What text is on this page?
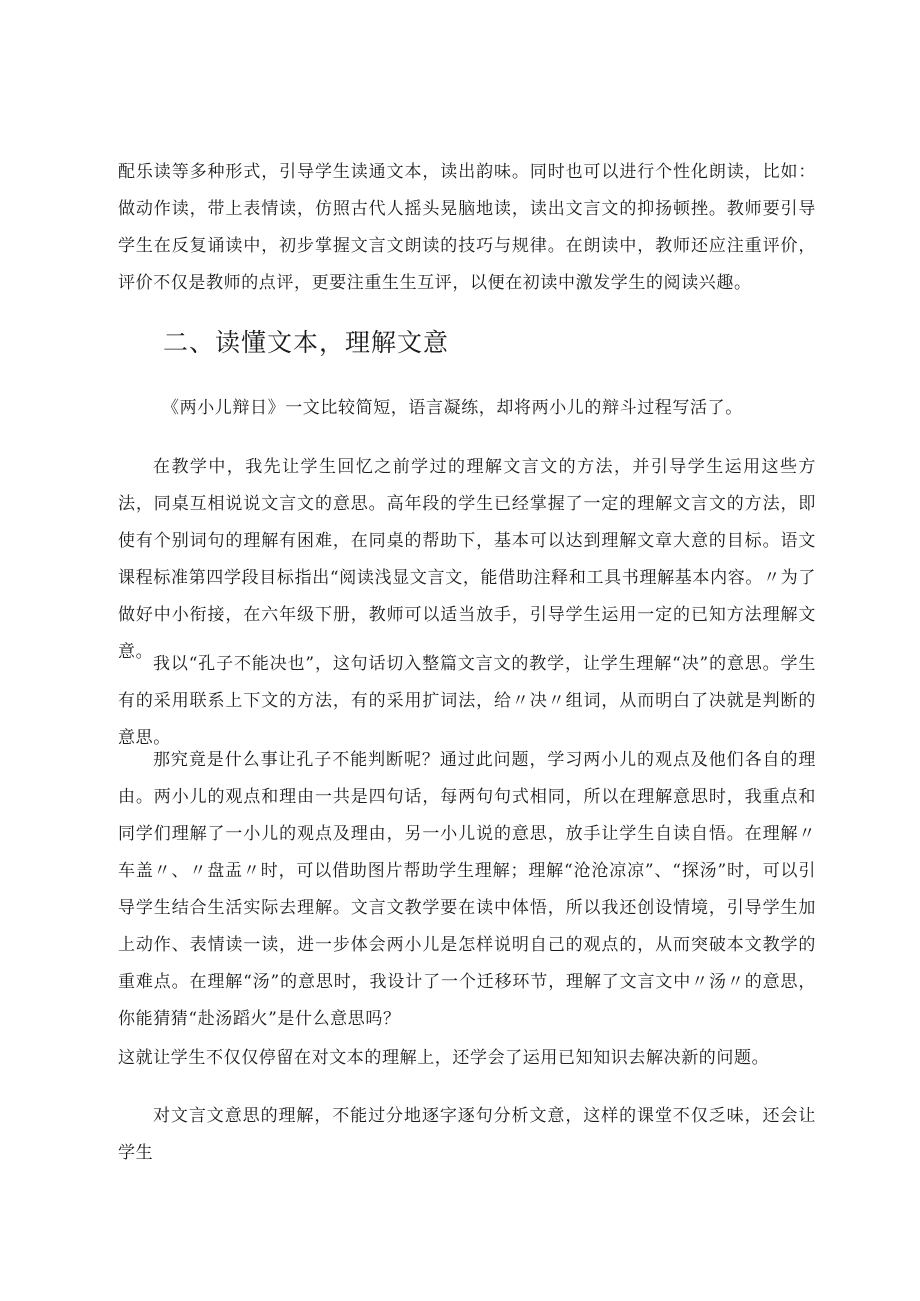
配乐读等多种形式，引导学生读通文本，读出韵味。同时也可以进行个性化朗读，比如：做动作读，带上表情读，仿照古代人摇头晃脑地读，读出文言文的抑扬顿挫。教师要引导学生在反复诵读中，初步掌握文言文朗读的技巧与规律。在朗读中，教师还应注重评价，评价不仅是教师的点评，更要注重生生互评，以便在初读中激发学生的阅读兴趣。

二、读懂文本，理解文意

《两小儿辩日》一文比较简短，语言凝练，却将两小儿的辩斗过程写活了。

在教学中，我先让学生回忆之前学过的理解文言文的方法，并引导学生运用这些方法，同桌互相说说文言文的意思。高年段的学生已经掌握了一定的理解文言文的方法，即使有个别词句的理解有困难，在同桌的帮助下，基本可以达到理解文章大意的目标。语文课程标准第四学段目标指出“阅读浅显文言文，能借助注释和工具书理解基本内容。〃为了做好中小衔接，在六年级下册，教师可以适当放手，引导学生运用一定的已知方法理解文意。

我以“孔子不能决也”，这句话切入整篇文言文的教学，让学生理解“决”的意思。学生有的采用联系上下文的方法，有的采用扩词法，给〃决〃组词，从而明白了决就是判断的意思。

那究竟是什么事让孔子不能判断呢？通过此问题，学习两小儿的观点及他们各自的理由。两小儿的观点和理由一共是四句话，每两句句式相同，所以在理解意思时，我重点和同学们理解了一小儿的观点及理由，另一小儿说的意思，放手让学生自读自悟。在理解〃车盖〃、〃盘盂〃时，可以借助图片帮助学生理解；理解“沧沧凉凉”、“探汤”时，可以引导学生结合生活实际去理解。文言文教学要在读中体悟，所以我还创设情境，引导学生加上动作、表情读一读，进一步体会两小儿是怎样说明自己的观点的，从而突破本文教学的重难点。在理解“汤”的意思时，我设计了一个迁移环节，理解了文言文中〃汤〃的意思，你能猜猜“赴汤蹈火”是什么意思吗？

这就让学生不仅仅停留在对文本的理解上，还学会了运用已知知识去解决新的问题。

对文言文意思的理解，不能过分地逐字逐句分析文意，这样的课堂不仅乏味，还会让学生
